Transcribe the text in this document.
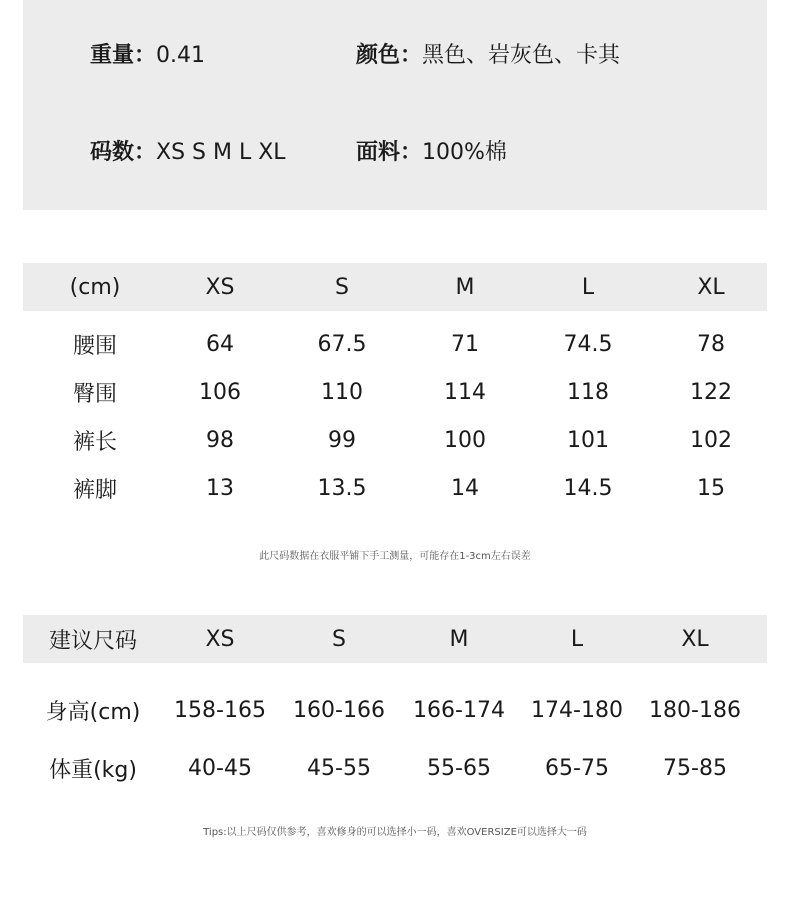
重量：0.41	颜色：黑色、岩灰色、卡其
码数：XS S M L XL	面料：100%棉
(cm)	XS	S	M	L	XL
腰围	64	67.5	71	74.5	78
臀围	106	110	114	118	122
裤长	98	99	100	101	102
裤脚	13	13.5	14	14.5	15
此尺码数据在衣服平铺下手工测量，可能存在1-3cm左右误差
建议尺码	XS	S	M	L	XL
身高(cm)	158-165	160-166	166-174	174-180	180-186
体重(kg)	40-45	45-55	55-65	65-75	75-85
Tips:以上尺码仅供参考，喜欢修身的可以选择小一码，喜欢OVERSIZE可以选择大一码
